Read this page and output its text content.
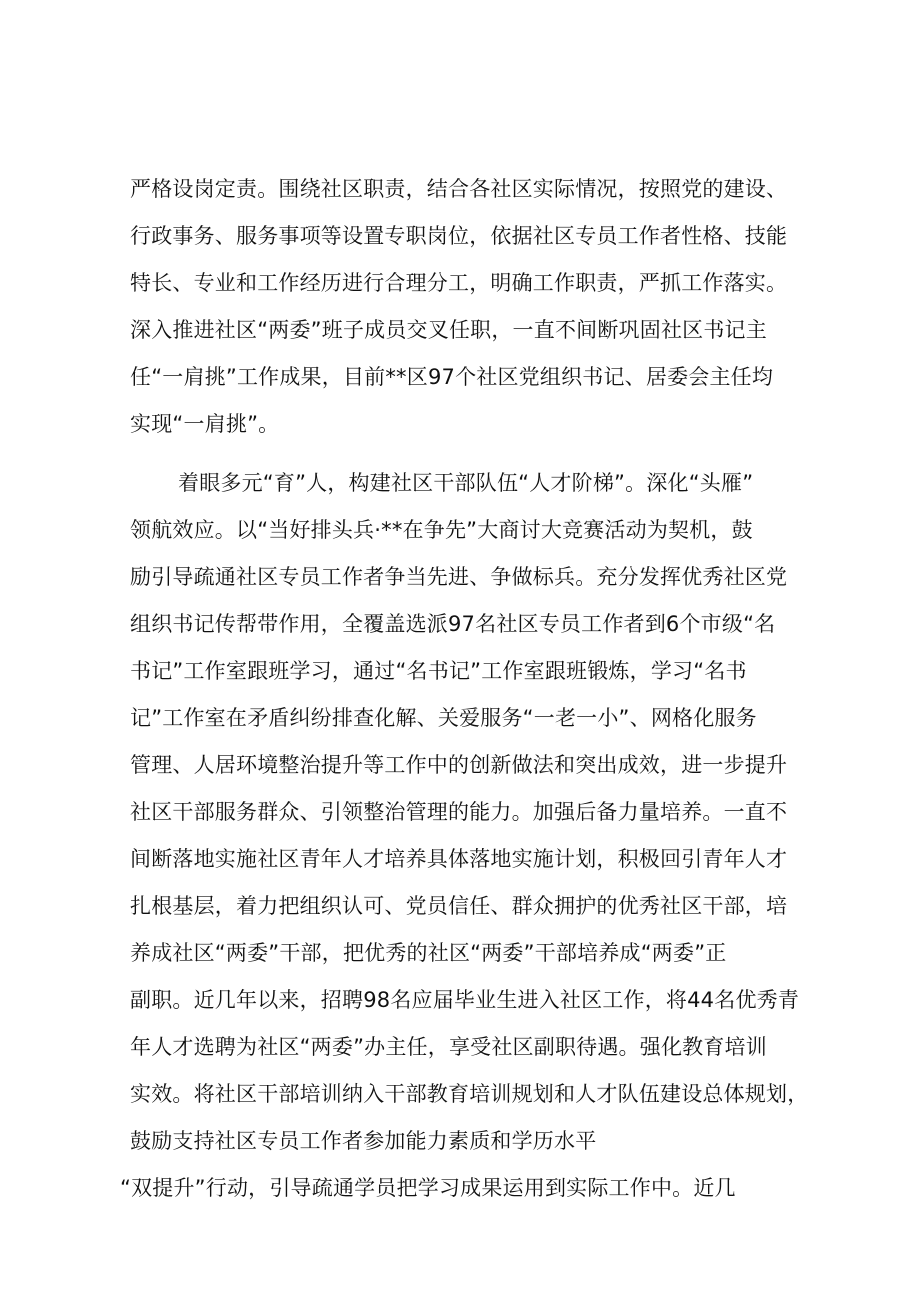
严格设岗定责。围绕社区职责，结合各社区实际情况，按照党的建设、
行政事务、服务事项等设置专职岗位，依据社区专员工作者性格、技能
特长、专业和工作经历进行合理分工，明确工作职责，严抓工作落实。
深入推进社区“两委”班子成员交叉任职，一直不间断巩固社区书记主
任“一肩挑”工作成果，目前**区97个社区党组织书记、居委会主任均
实现“一肩挑”。
着眼多元“育”人，构建社区干部队伍“人才阶梯”。深化“头雁”
领航效应。以“当好排头兵·**在争先”大商讨大竞赛活动为契机，鼓
励引导疏通社区专员工作者争当先进、争做标兵。充分发挥优秀社区党
组织书记传帮带作用，全覆盖选派97名社区专员工作者到6个市级“名
书记”工作室跟班学习，通过“名书记”工作室跟班锻炼，学习“名书
记”工作室在矛盾纠纷排查化解、关爱服务“一老一小”、网格化服务
管理、人居环境整治提升等工作中的创新做法和突出成效，进一步提升
社区干部服务群众、引领整治管理的能力。加强后备力量培养。一直不
间断落地实施社区青年人才培养具体落地实施计划，积极回引青年人才
扎根基层，着力把组织认可、党员信任、群众拥护的优秀社区干部，培
养成社区“两委”干部，把优秀的社区“两委”干部培养成“两委”正
副职。近几年以来，招聘98名应届毕业生进入社区工作，将44名优秀青
年人才选聘为社区“两委”办主任，享受社区副职待遇。强化教育培训
实效。将社区干部培训纳入干部教育培训规划和人才队伍建设总体规划，
鼓励支持社区专员工作者参加能力素质和学历水平
“双提升”行动，引导疏通学员把学习成果运用到实际工作中。近几
